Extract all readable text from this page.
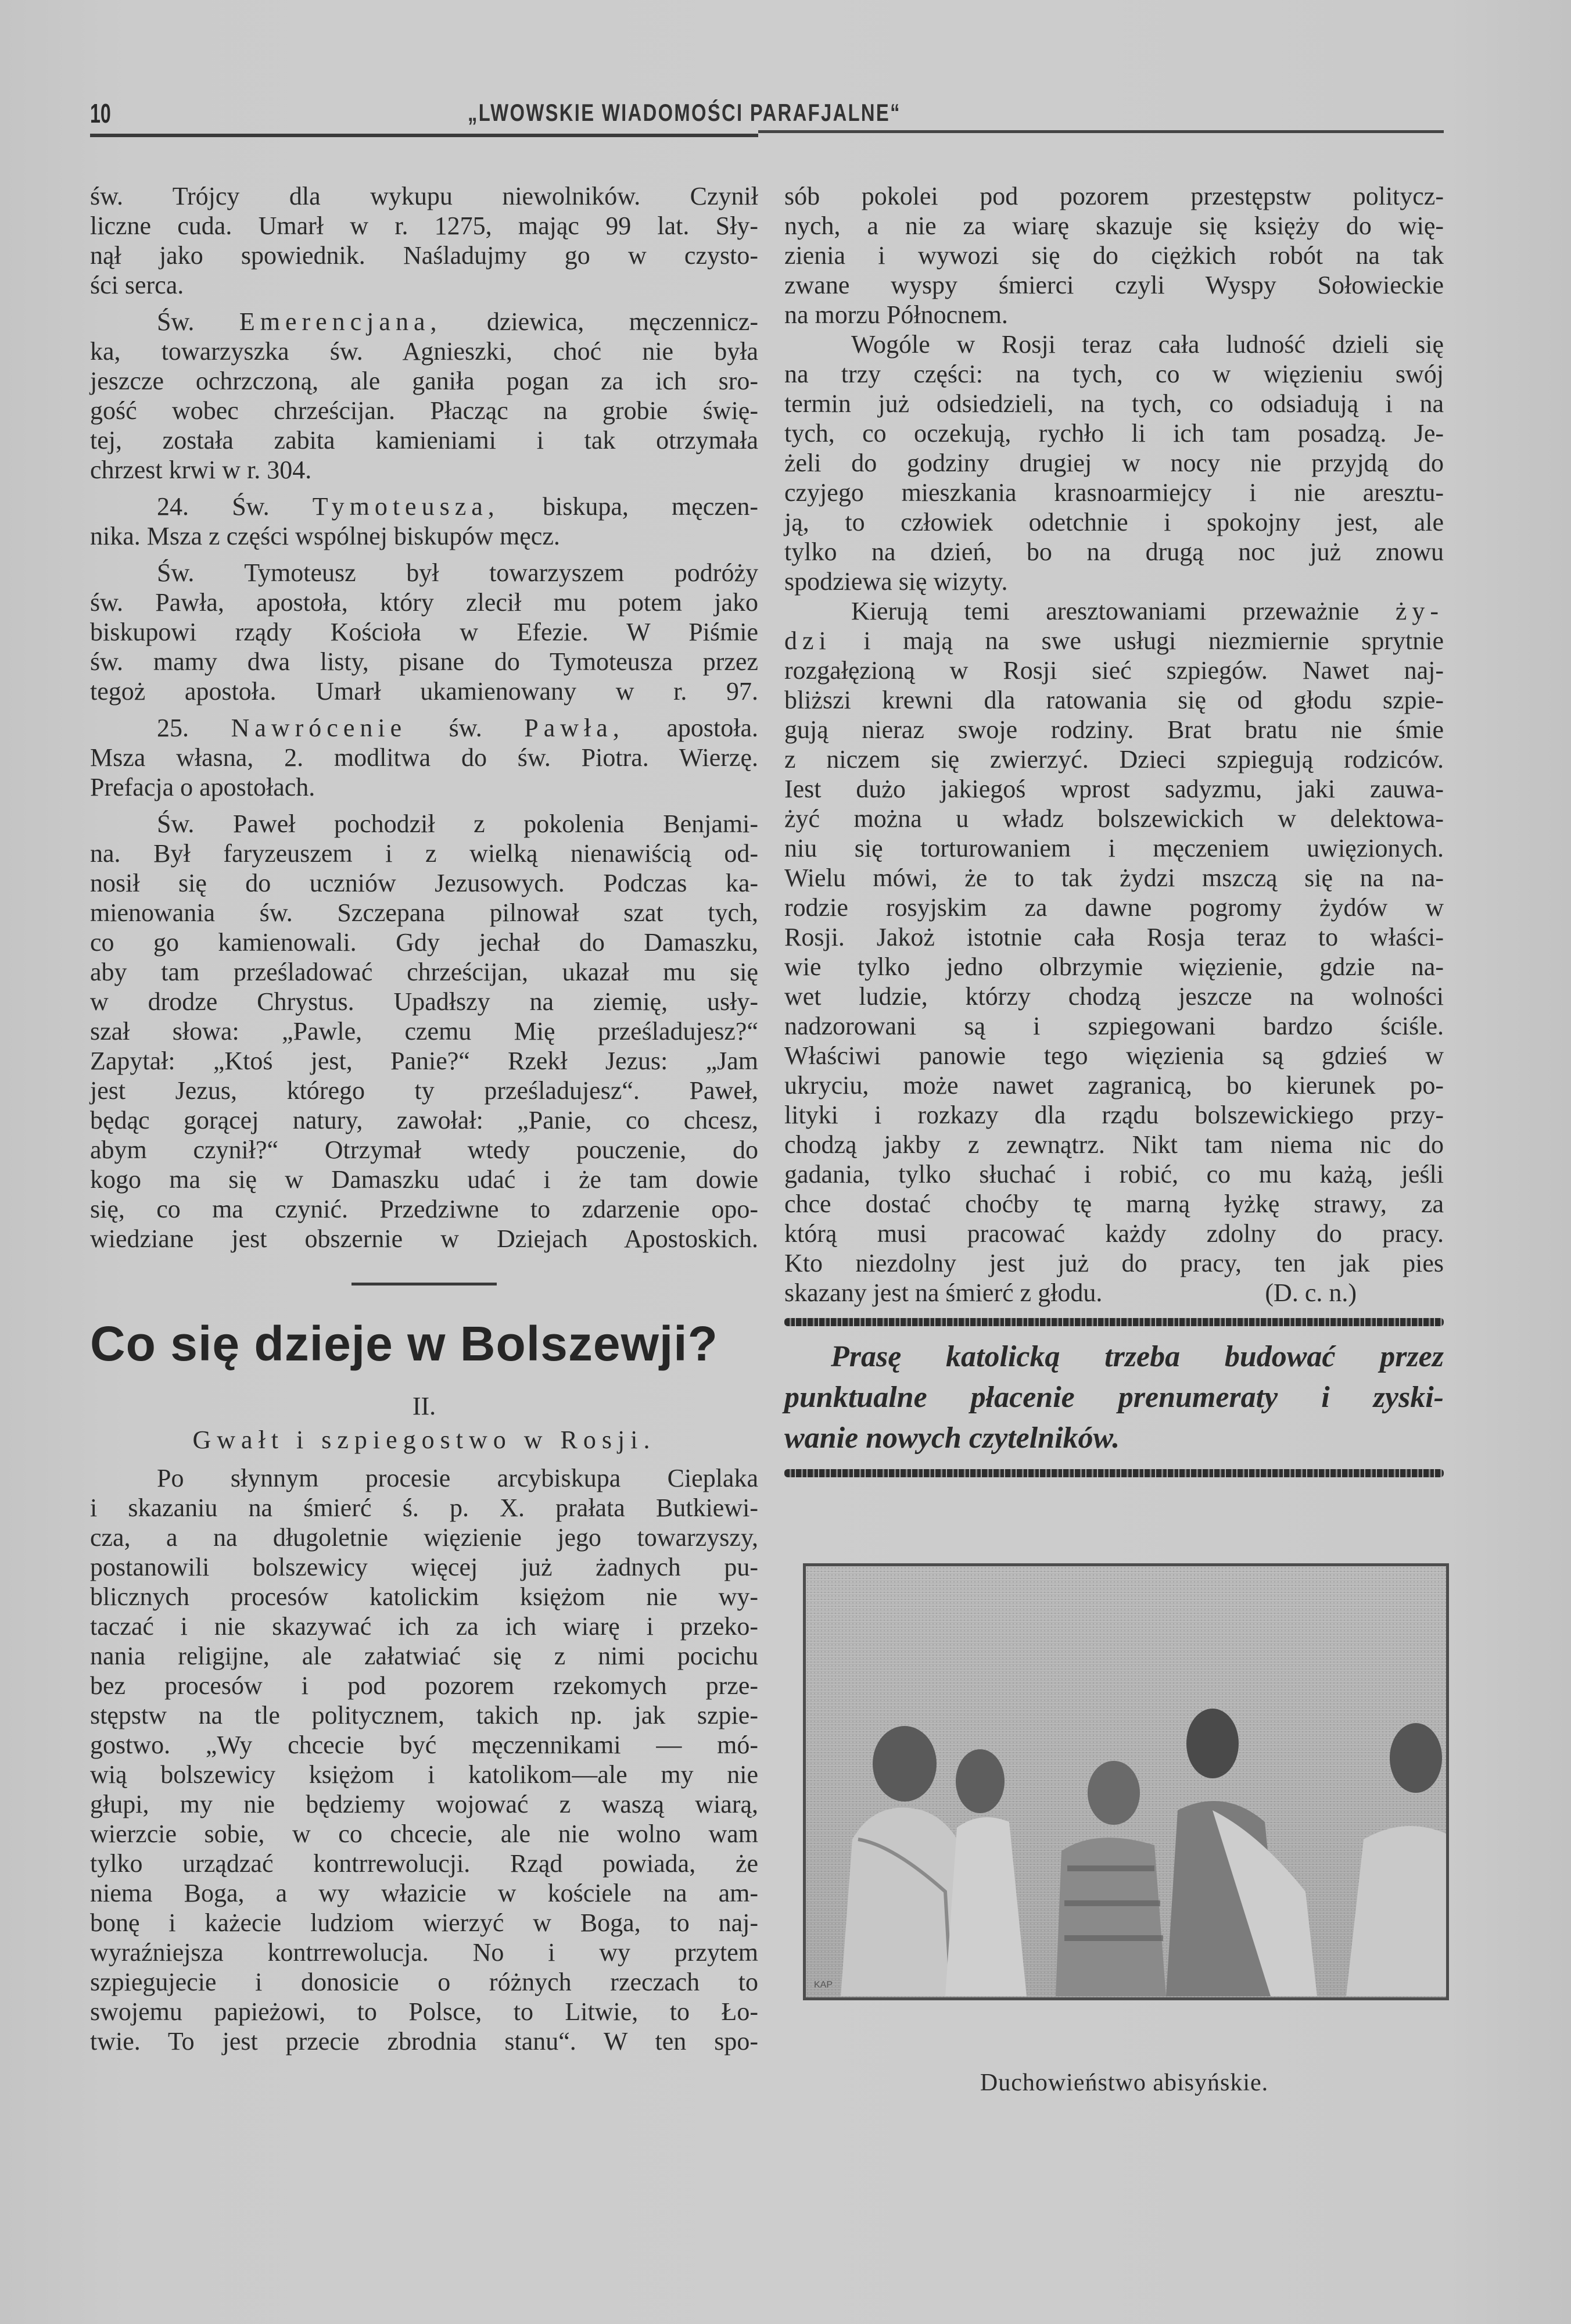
10	„LWOWSKIE WIADOMOŚCI PARAFJALNE“
św. Trójcy dla wykupu niewolników. Czynił
liczne cuda. Umarł w r. 1275, mając 99 lat. Sły-
nął jako spowiednik. Naśladujmy go w czysto-
ści serca.
Św. Emerencjana, dziewica, męczennicz-
ka, towarzyszka św. Agnieszki, choć nie była
jeszcze ochrzczoną, ale ganiła pogan za ich sro-
gość wobec chrześcijan. Płacząc na grobie świę-
tej, została zabita kamieniami i tak otrzymała
chrzest krwi w r. 304.
24. Św. Tymoteusza, biskupa, męczen-
nika. Msza z części wspólnej biskupów męcz.
Św. Tymoteusz był towarzyszem podróży
św. Pawła, apostoła, który zlecił mu potem jako
biskupowi rządy Kościoła w Efezie. W Piśmie
św. mamy dwa listy, pisane do Tymoteusza przez
tegoż apostoła. Umarł ukamienowany w r. 97.
25. Nawrócenie św. Pawła, apostoła.
Msza własna, 2. modlitwa do św. Piotra. Wierzę.
Prefacja o apostołach.
Św. Paweł pochodził z pokolenia Benjami-
na. Był faryzeuszem i z wielką nienawiścią od-
nosił się do uczniów Jezusowych. Podczas ka-
mienowania św. Szczepana pilnował szat tych,
co go kamienowali. Gdy jechał do Damaszku,
aby tam prześladować chrześcijan, ukazał mu się
w drodze Chrystus. Upadłszy na ziemię, usły-
szał słowa: „Pawle, czemu Mię prześladujesz?“
Zapytał: „Ktoś jest, Panie?“ Rzekł Jezus: „Jam
jest Jezus, którego ty prześladujesz“. Paweł,
będąc gorącej natury, zawołał: „Panie, co chcesz,
abym czynił?“ Otrzymał wtedy pouczenie, do
kogo ma się w Damaszku udać i że tam dowie
się, co ma czynić. Przedziwne to zdarzenie opo-
wiedziane jest obszernie w Dziejach Apostoskich.
Co się dzieje w Bolszewji?
II.
Gwałt i szpiegostwo w Rosji.
Po słynnym procesie arcybiskupa Cieplaka
i skazaniu na śmierć ś. p. X. prałata Butkiewi-
cza, a na długoletnie więzienie jego towarzyszy,
postanowili bolszewicy więcej już żadnych pu-
blicznych procesów katolickim księżom nie wy-
taczać i nie skazywać ich za ich wiarę i przeko-
nania religijne, ale załatwiać się z nimi pocichu
bez procesów i pod pozorem rzekomych prze-
stępstw na tle politycznem, takich np. jak szpie-
gostwo. „Wy chcecie być męczennikami — mó-
wią bolszewicy księżom i katolikom—ale my nie
głupi, my nie będziemy wojować z waszą wiarą,
wierzcie sobie, w co chcecie, ale nie wolno wam
tylko urządzać kontrrewolucji. Rząd powiada, że
niema Boga, a wy włazicie w kościele na am-
bonę i każecie ludziom wierzyć w Boga, to naj-
wyraźniejsza kontrrewolucja. No i wy przytem
szpiegujecie i donosicie o różnych rzeczach to
swojemu papieżowi, to Polsce, to Litwie, to Ło-
twie. To jest przecie zbrodnia stanu“. W ten spo-
sób pokolei pod pozorem przestępstw politycz-
nych, a nie za wiarę skazuje się księży do wię-
zienia i wywozi się do ciężkich robót na tak
zwane wyspy śmierci czyli Wyspy Sołowieckie
na morzu Północnem.
Wogóle w Rosji teraz cała ludność dzieli się
na trzy części: na tych, co w więzieniu swój
termin już odsiedzieli, na tych, co odsiadują i na
tych, co oczekują, rychło li ich tam posadzą. Je-
żeli do godziny drugiej w nocy nie przyjdą do
czyjego mieszkania krasnoarmiejcy i nie aresztu-
ją, to człowiek odetchnie i spokojny jest, ale
tylko na dzień, bo na drugą noc już znowu
spodziewa się wizyty.
Kierują temi aresztowaniami przeważnie ży-
dzi i mają na swe usługi niezmiernie sprytnie
rozgałęzioną w Rosji sieć szpiegów. Nawet naj-
bliższi krewni dla ratowania się od głodu szpie-
gują nieraz swoje rodziny. Brat bratu nie śmie
z niczem się zwierzyć. Dzieci szpiegują rodziców.
Iest dużo jakiegoś wprost sadyzmu, jaki zauwa-
żyć można u władz bolszewickich w delektowa-
niu się torturowaniem i męczeniem uwięzionych.
Wielu mówi, że to tak żydzi mszczą się na na-
rodzie rosyjskim za dawne pogromy żydów w
Rosji. Jakoż istotnie cała Rosja teraz to właści-
wie tylko jedno olbrzymie więzienie, gdzie na-
wet ludzie, którzy chodzą jeszcze na wolności
nadzorowani są i szpiegowani bardzo ściśle.
Właściwi panowie tego więzienia są gdzieś w
ukryciu, może nawet zagranicą, bo kierunek po-
lityki i rozkazy dla rządu bolszewickiego przy-
chodzą jakby z zewnątrz. Nikt tam niema nic do
gadania, tylko słuchać i robić, co mu każą, jeśli
chce dostać choćby tę marną łyżkę strawy, za
którą musi pracować każdy zdolny do pracy.
Kto niezdolny jest już do pracy, ten jak pies
skazany jest na śmierć z głodu.	(D. c. n.)
Prasę katolicką trzeba budować przez
punktualne płacenie prenumeraty i zyski-
wanie nowych czytelników.
KAP
Duchowieństwo abisyńskie.
